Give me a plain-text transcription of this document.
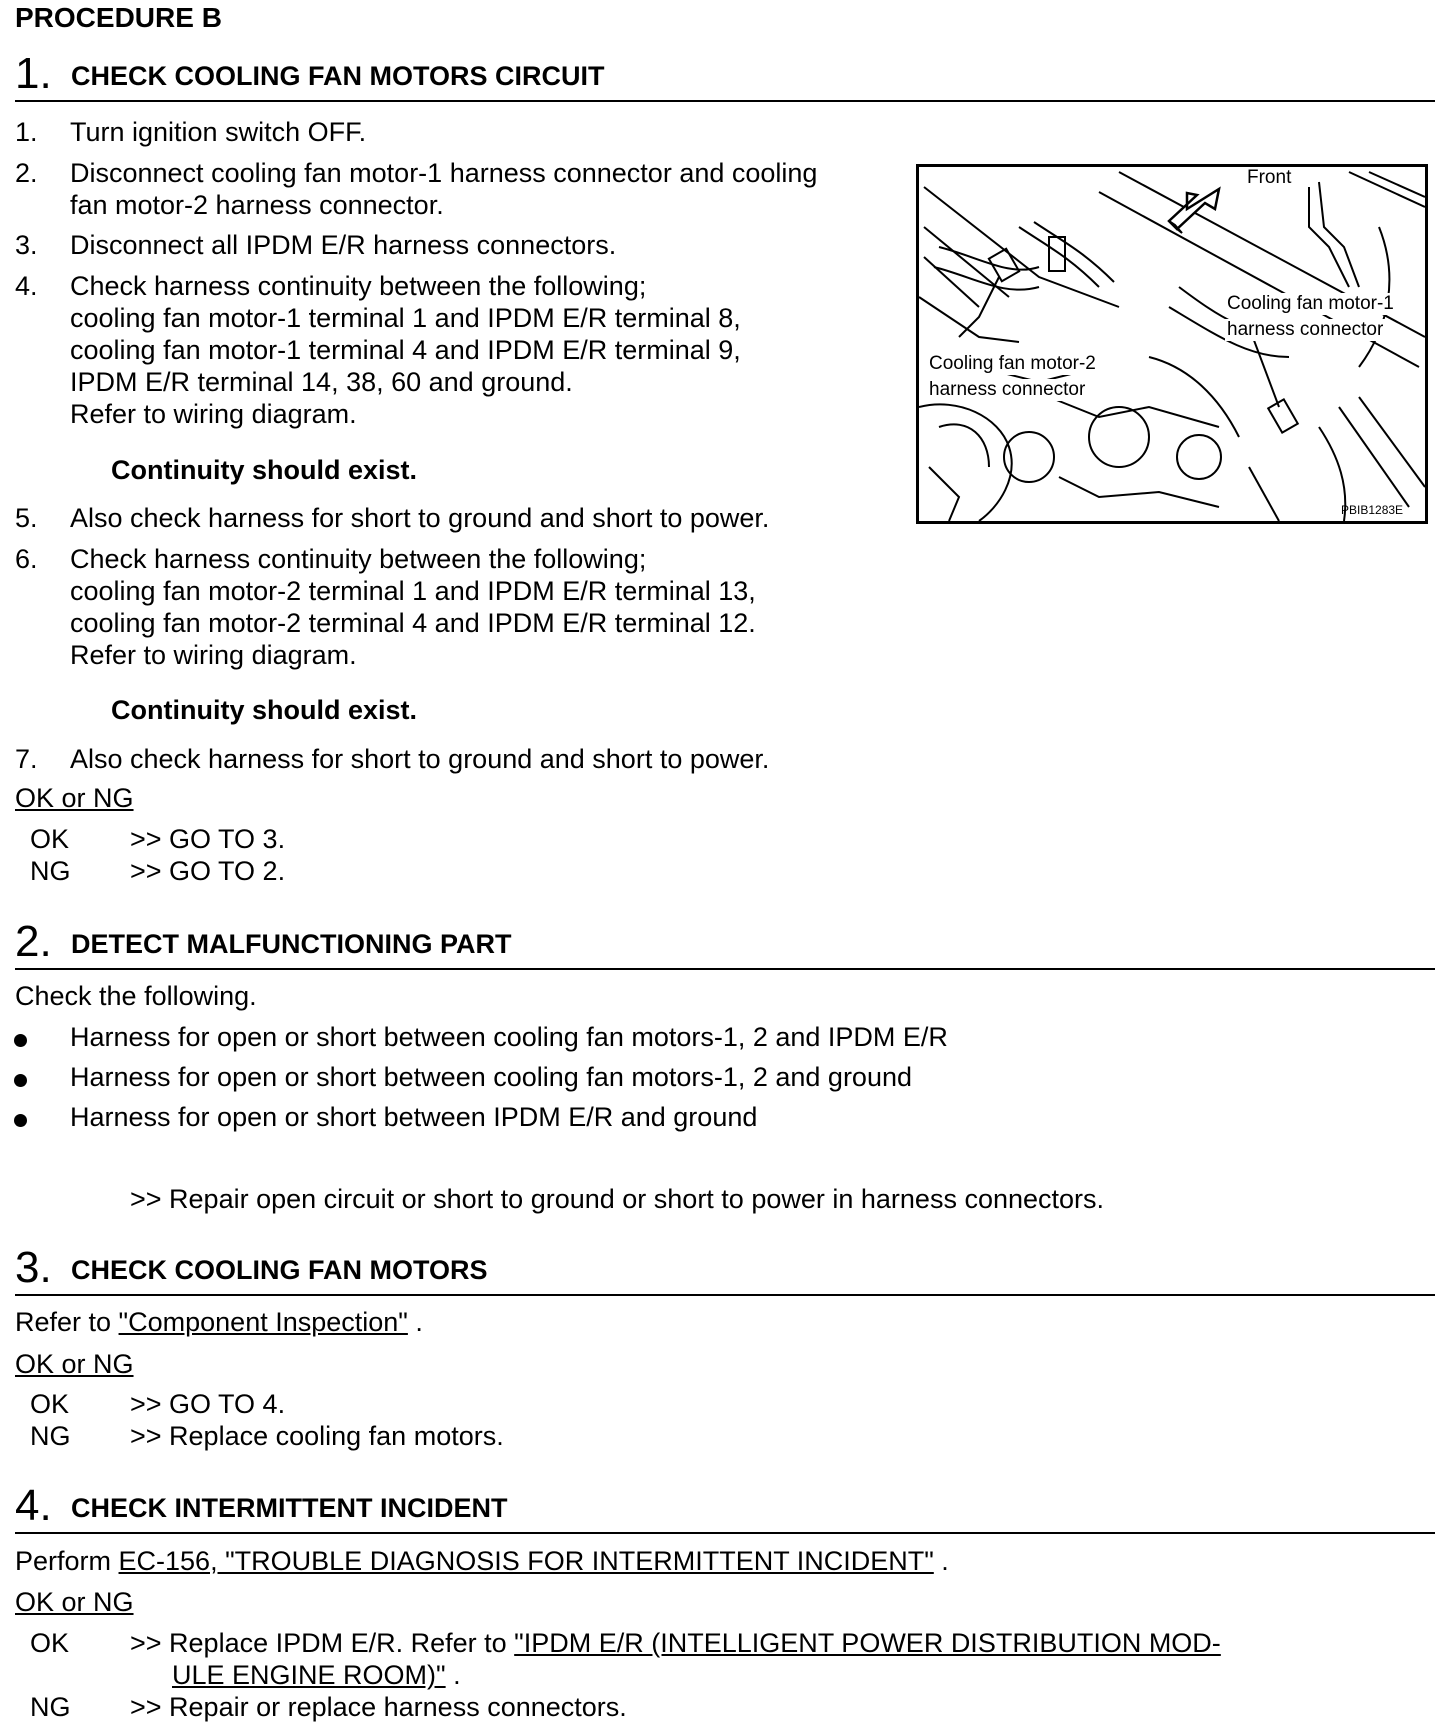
PROCEDURE B
1. CHECK COOLING FAN MOTORS CIRCUIT
1. Turn ignition switch OFF.
2. Disconnect cooling fan motor-1 harness connector and cooling
fan motor-2 harness connector.
3. Disconnect all IPDM E/R harness connectors.
4. Check harness continuity between the following;
cooling fan motor-1 terminal 1 and IPDM E/R terminal 8,
cooling fan motor-1 terminal 4 and IPDM E/R terminal 9,
IPDM E/R terminal 14, 38, 60 and ground.
Refer to wiring diagram.
Continuity should exist.
5. Also check harness for short to ground and short to power.
6. Check harness continuity between the following;
cooling fan motor-2 terminal 1 and IPDM E/R terminal 13,
cooling fan motor-2 terminal 4 and IPDM E/R terminal 12.
Refer to wiring diagram.
Continuity should exist.
7. Also check harness for short to ground and short to power.
OK or NG
OK >> GO TO 3.
NG >> GO TO 2.
Front
Cooling fan motor-1
harness connector
Cooling fan motor-2
harness connector
PBIB1283E
2. DETECT MALFUNCTIONING PART
Check the following.
Harness for open or short between cooling fan motors-1, 2 and IPDM E/R
Harness for open or short between cooling fan motors-1, 2 and ground
Harness for open or short between IPDM E/R and ground
>> Repair open circuit or short to ground or short to power in harness connectors.
3. CHECK COOLING FAN MOTORS
Refer to "Component Inspection" .
OK or NG
OK >> GO TO 4.
NG >> Replace cooling fan motors.
4. CHECK INTERMITTENT INCIDENT
Perform EC-156, "TROUBLE DIAGNOSIS FOR INTERMITTENT INCIDENT" .
OK or NG
OK >> Replace IPDM E/R. Refer to "IPDM E/R (INTELLIGENT POWER DISTRIBUTION MOD-
ULE ENGINE ROOM)" .
NG >> Repair or replace harness connectors.
